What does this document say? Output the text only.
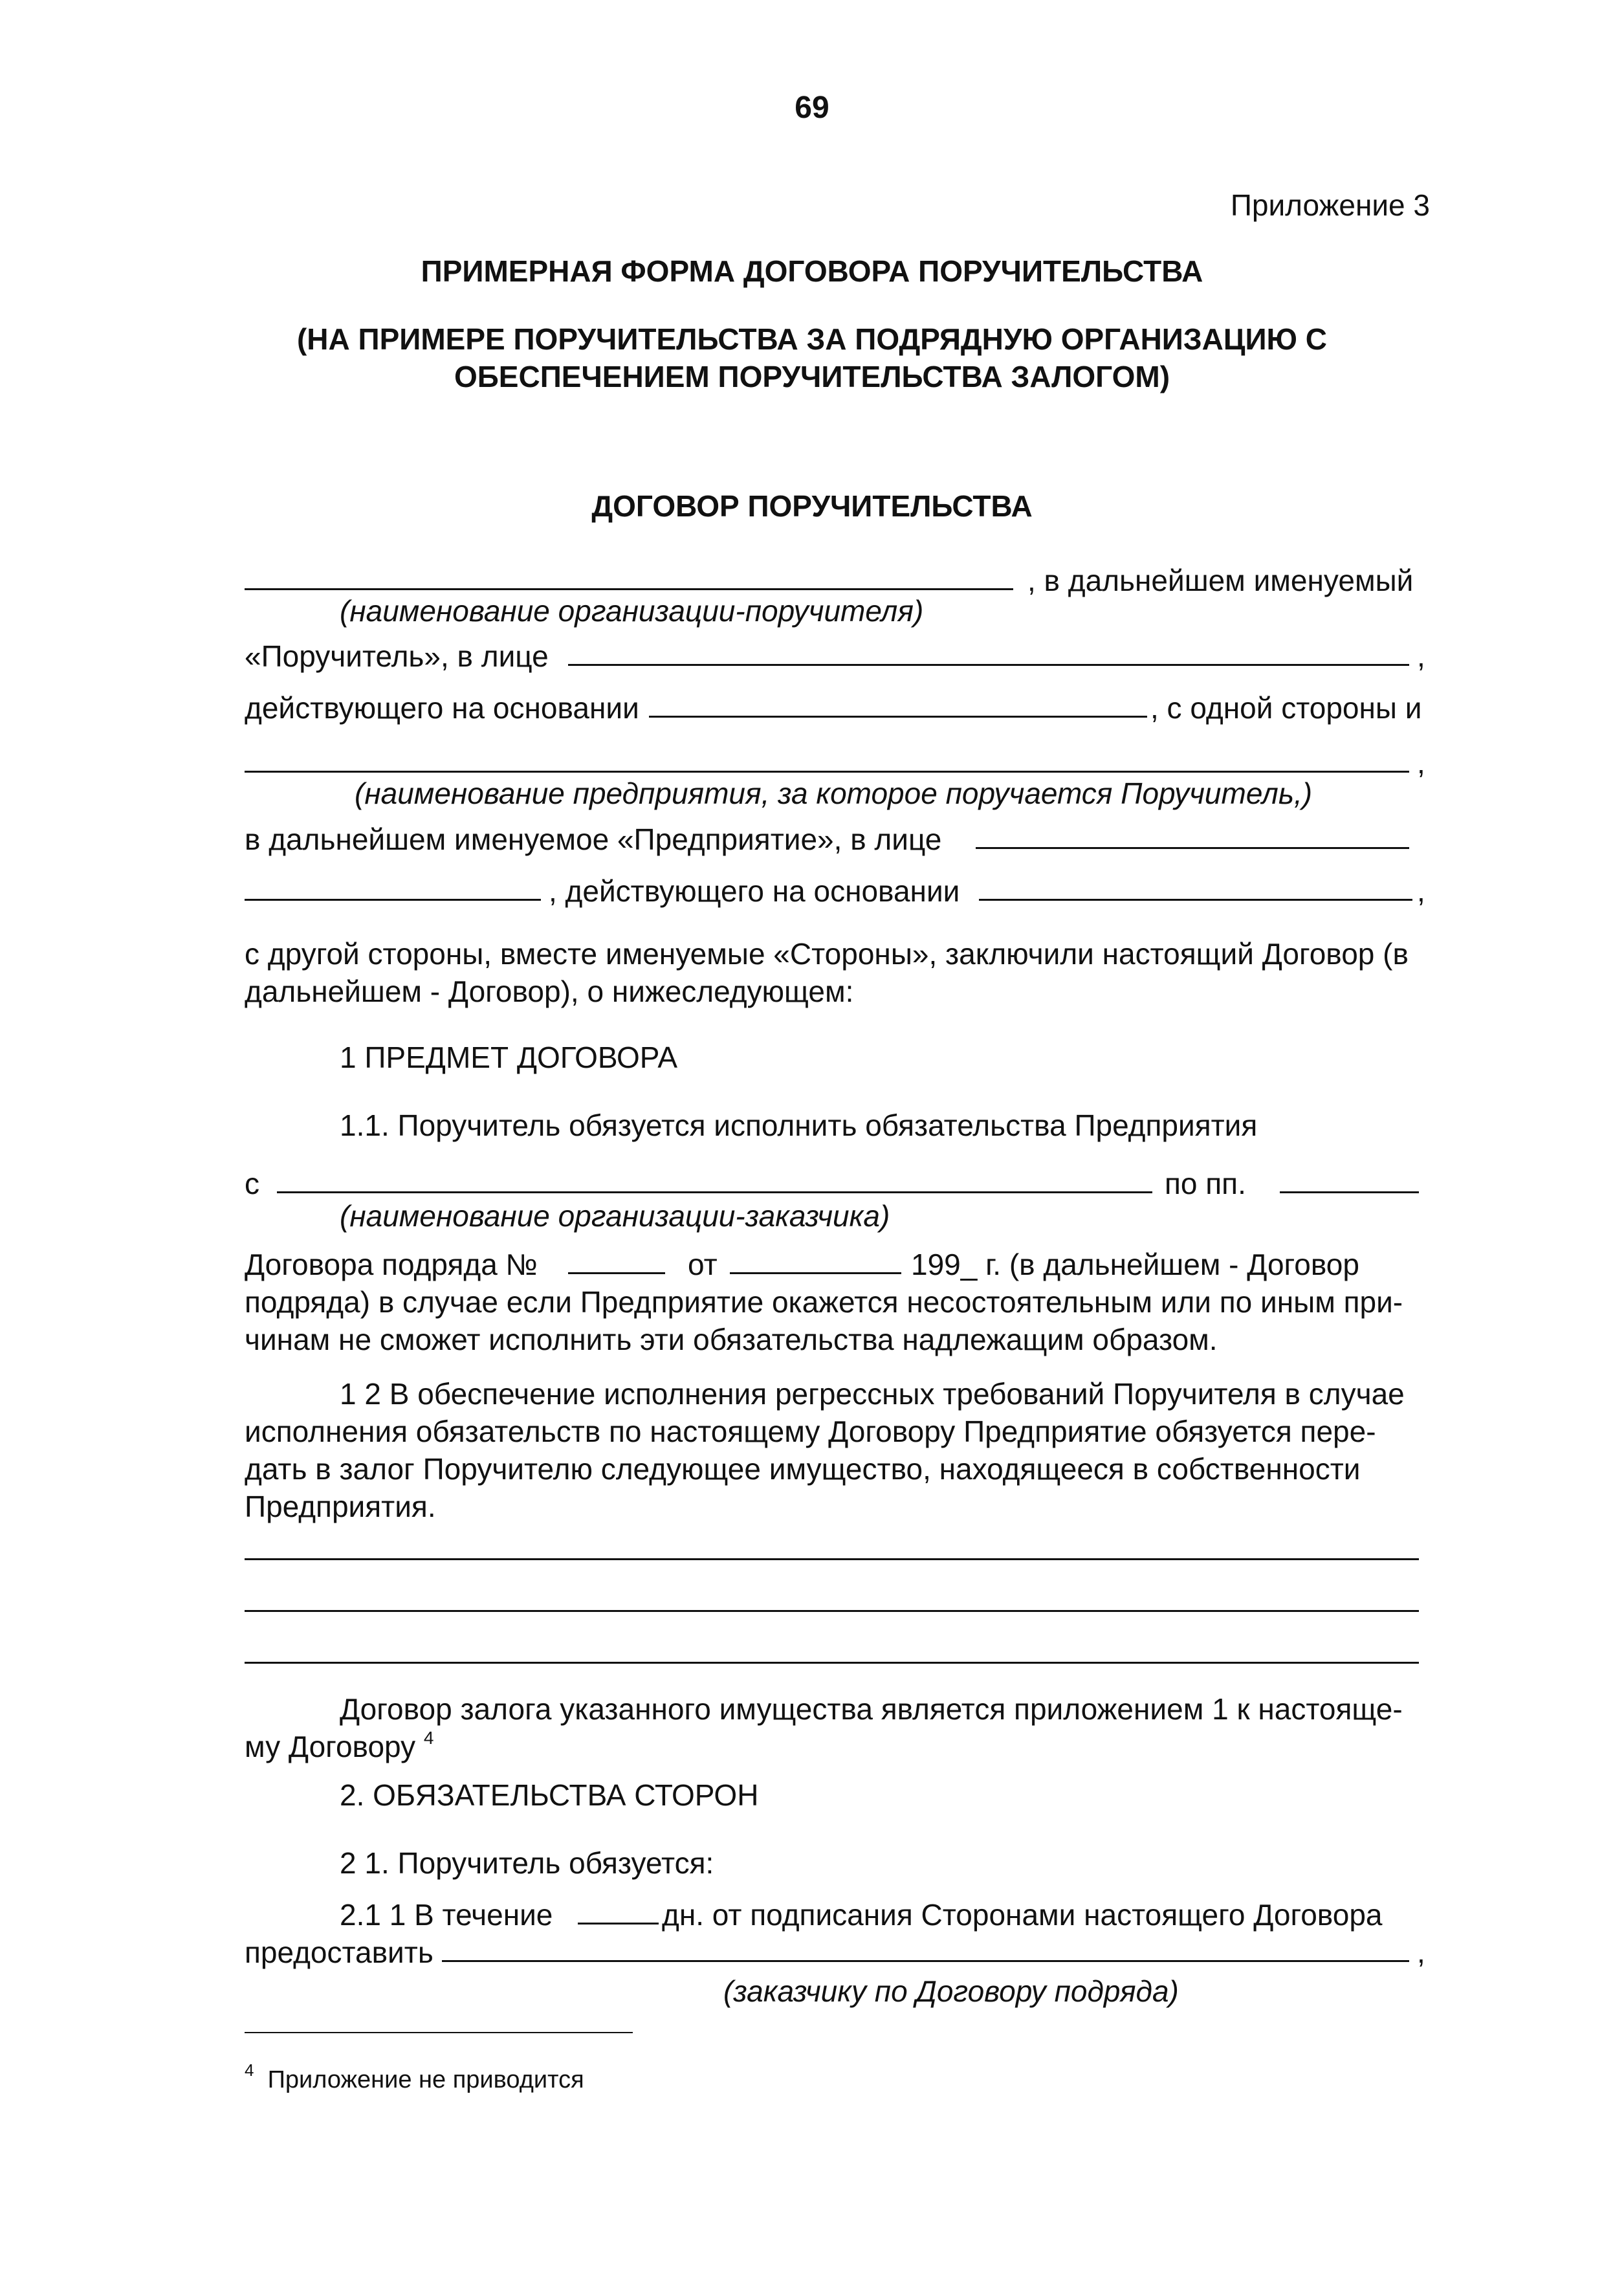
69
Приложение 3
ПРИМЕРНАЯ ФОРМА ДОГОВОРА ПОРУЧИТЕЛЬСТВА
(НА ПРИМЕРЕ ПОРУЧИТЕЛЬСТВА ЗА ПОДРЯДНУЮ ОРГАНИЗАЦИЮ С
ОБЕСПЕЧЕНИЕМ ПОРУЧИТЕЛЬСТВА ЗАЛОГОМ)
ДОГОВОР ПОРУЧИТЕЛЬСТВА
, в дальнейшем именуемый
(наименование организации-поручителя)
«Поручитель», в лице	,
действующего на основании	, с одной стороны и
,
(наименование предприятия, за которое поручается Поручитель,)
в дальнейшем именуемое «Предприятие», в лице
, действующего на основании	,
с другой стороны, вместе именуемые «Стороны», заключили настоящий Договор (в
дальнейшем - Договор), о нижеследующем:
1 ПРЕДМЕТ ДОГОВОРА
1.1. Поручитель обязуется исполнить обязательства Предприятия
с	по пп.
(наименование организации-заказчика)
Договора подряда №	от	199_ г. (в дальнейшем - Договор
подряда) в случае если Предприятие окажется несостоятельным или по иным при-
чинам не сможет исполнить эти обязательства надлежащим образом.
1 2 В обеспечение исполнения регрессных требований Поручителя в случае
исполнения обязательств по настоящему Договору Предприятие обязуется пере-
дать в залог Поручителю следующее имущество, находящееся в собственности
Предприятия.
Договор залога указанного имущества является приложением 1 к настояще-
му Договору $^4$
2. ОБЯЗАТЕЛЬСТВА СТОРОН
2 1. Поручитель обязуется:
2.1 1 В течение	дн. от подписания Сторонами настоящего Договора
предоставить	,
(заказчику по Договору подряда)
$^4$ Приложение не приводится
